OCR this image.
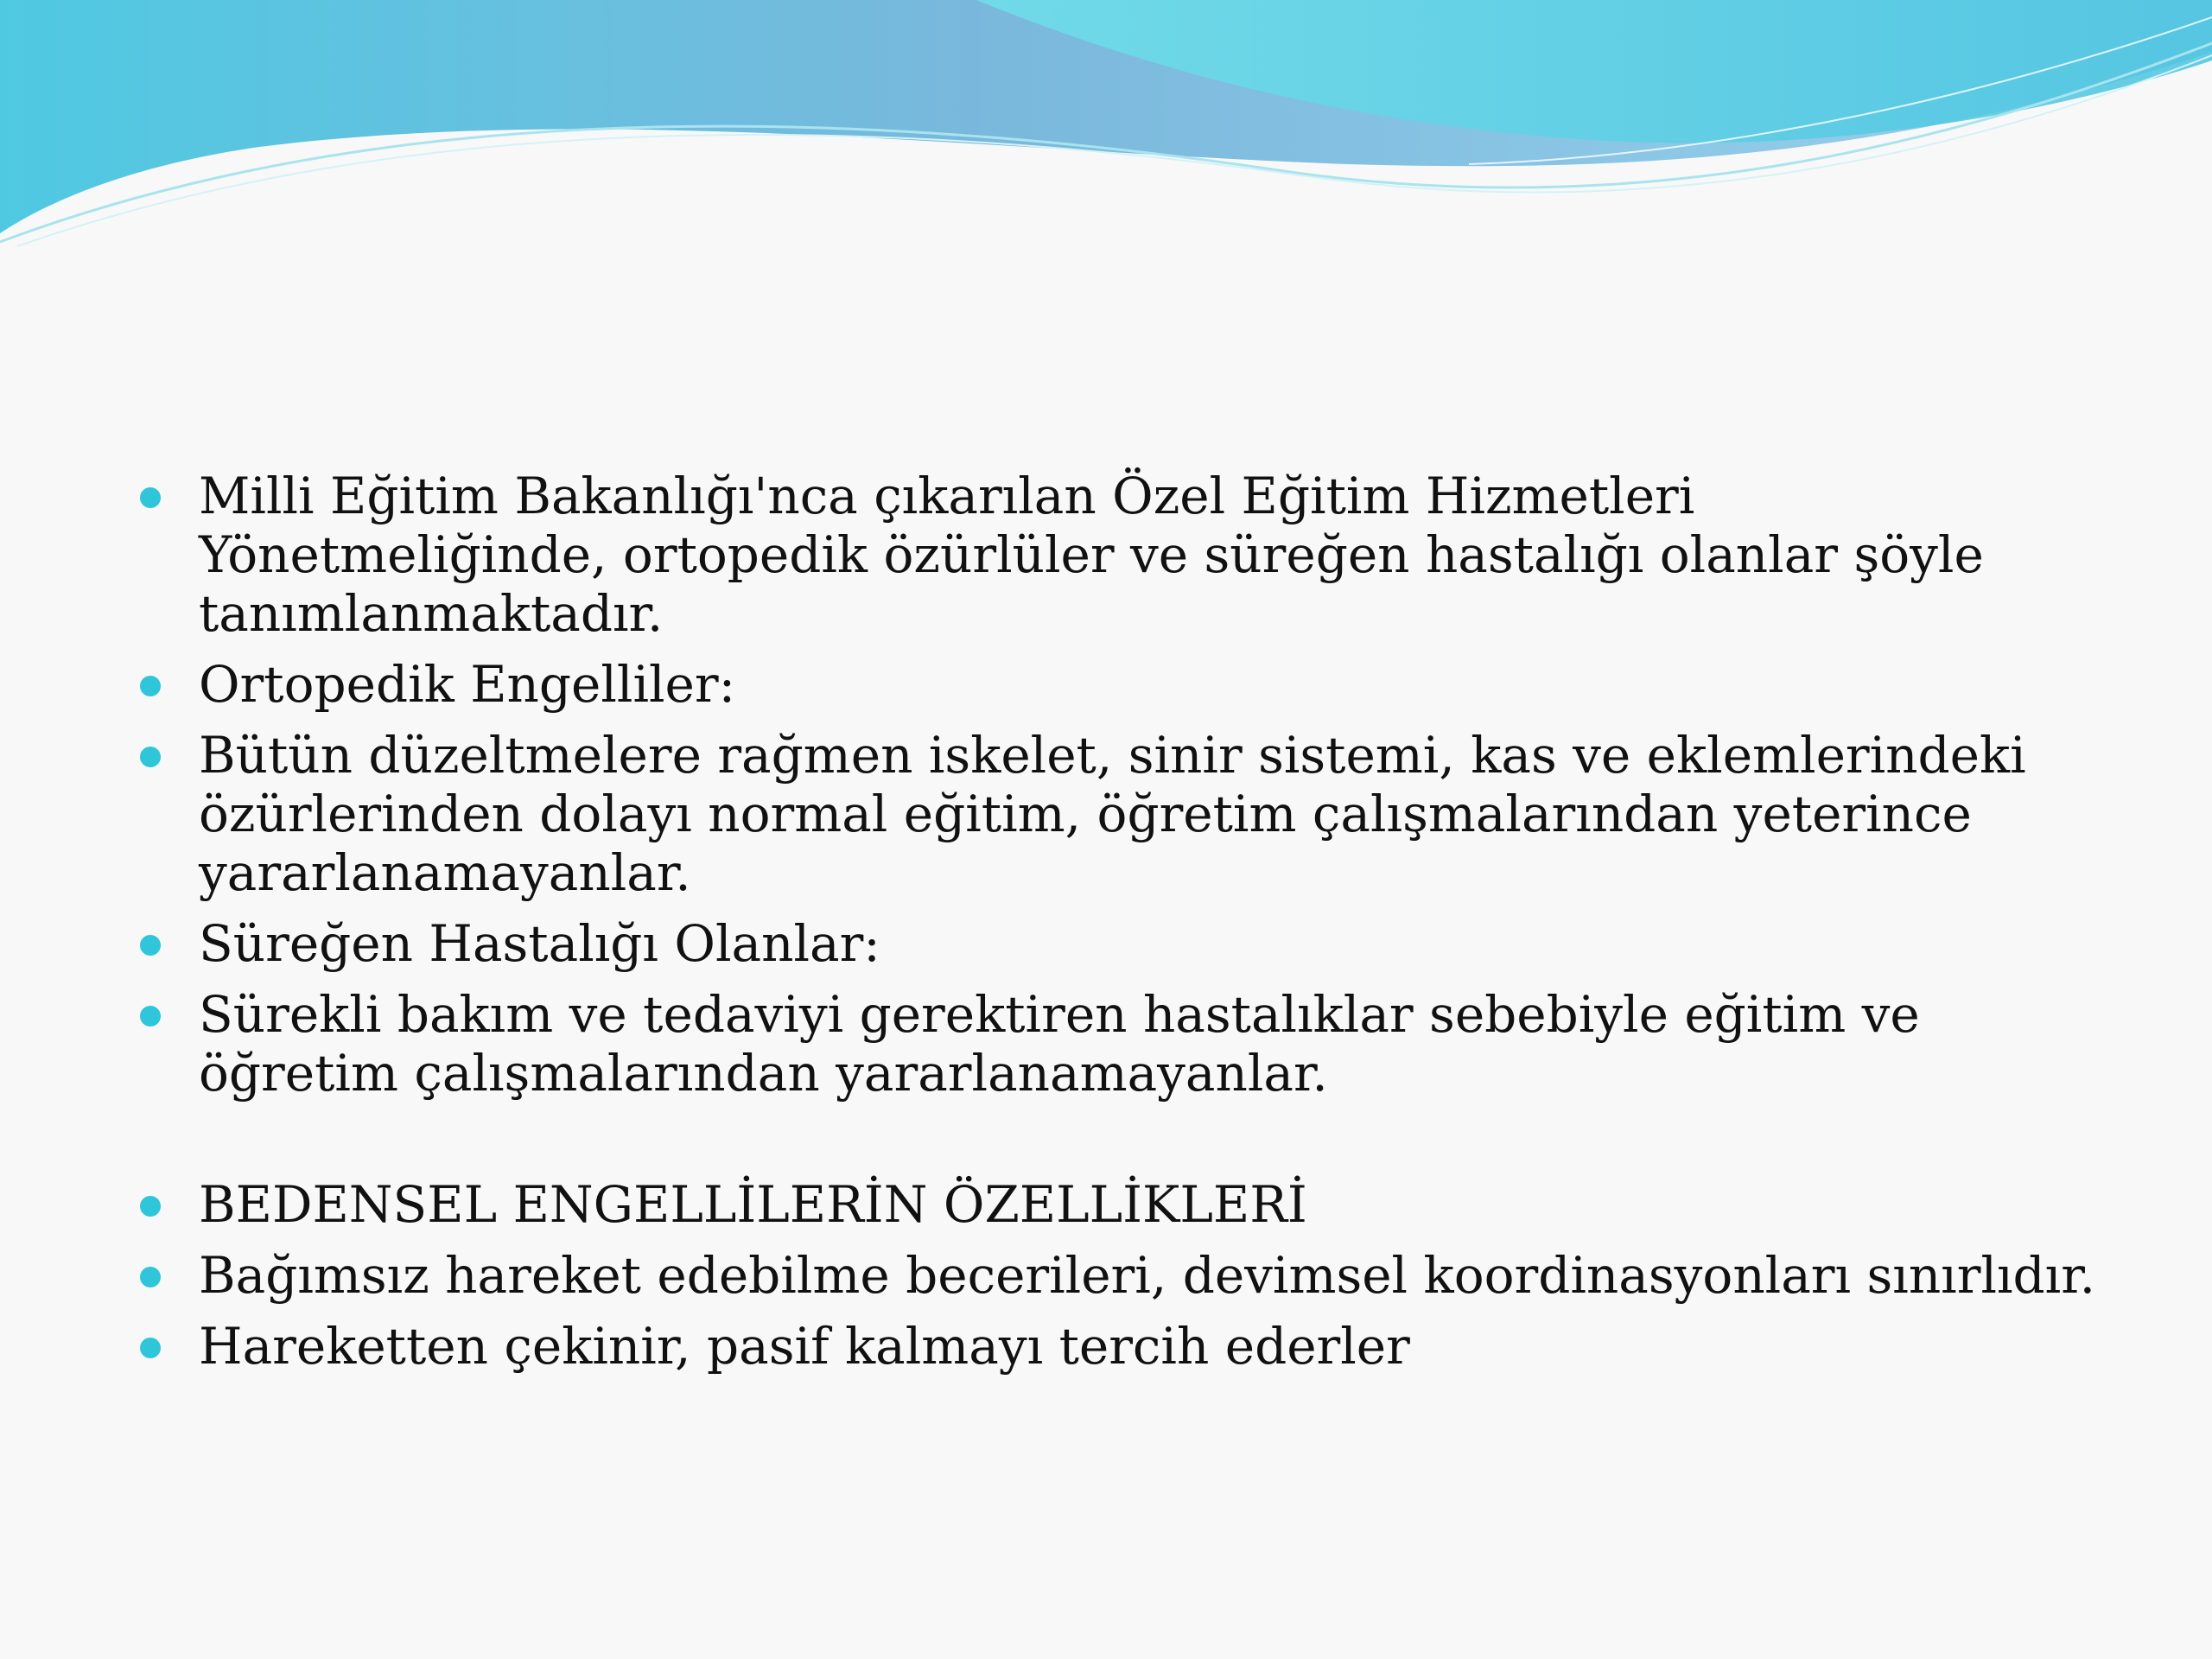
Milli Eğitim Bakanlığı'nca çıkarılan Özel Eğitim Hizmetleri Yönetmeliğinde, ortopedik özürlüler ve süreğen hastalığı olanlar şöyle tanımlanmaktadır.
Ortopedik Engelliler:
Bütün düzeltmelere rağmen iskelet, sinir sistemi, kas ve eklemlerindeki özürlerinden dolayı normal eğitim, öğretim çalışmalarından yeterince yararlanamayanlar.
Süreğen Hastalığı Olanlar:
Sürekli bakım ve tedaviyi gerektiren hastalıklar sebebiyle eğitim ve öğretim çalışmalarından yararlanamayanlar.
BEDENSEL ENGELLİLERİN ÖZELLİKLERİ
Bağımsız hareket edebilme becerileri, devimsel koordinasyonları sınırlıdır.
Hareketten çekinir, pasif kalmayı tercih ederler
